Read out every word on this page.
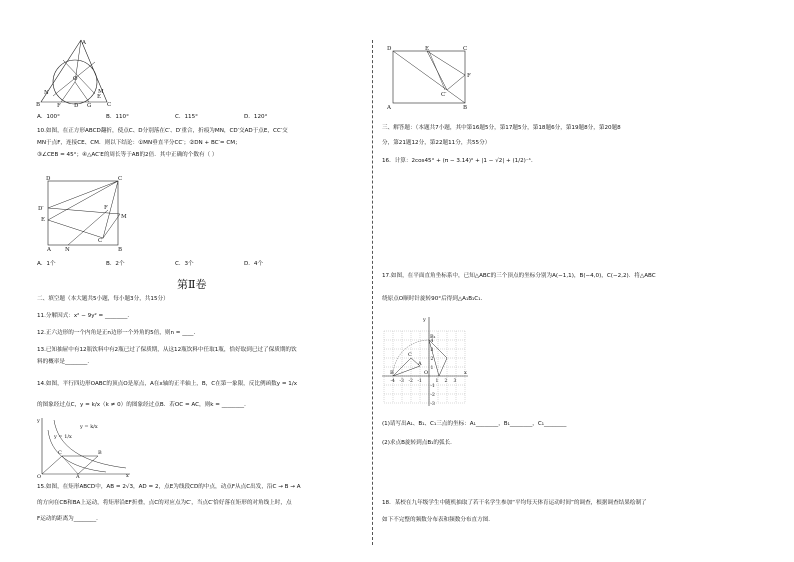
A
O
N
B	F D G	C
M
E
A．100°	B．110°	C．115°	D．120°
10.如图，在正方形ABCD翻折，使点C、D分别落在C′、D′重合，折痕为MN，CD′交AD于点E，CC′交
MN于点F，连接CE、CM．则以下结论：①MN垂直平分CC′；②DN + BC′= CM；
③∠CEB = 45°；④△AC′E的周长等于AB的2倍．其中正确的个数有（ ）
D	C
D′
E
F
M
C′
A	B
N
A．1个	B．2个	C．3个	D．4个
第Ⅱ卷
二、填空题（本大题共5小题，每小题3分，共15分）
11.分解因式：x² − 9y² = ________．
12.正六边形的一个内角是正n边形一个外角的5倍，则n = ____．
13.已知抽屉中有12瓶饮料中有2瓶已过了保质期，从这12瓶饮料中任取1瓶，恰好取到已过了保质期的饮
料的概率是________．
14.如图，平行四边形OABC的顶点O是原点，A在x轴的正半轴上，B，C在第一象限，反比例函数y = 1/x
的图象经过点C，y = k/x（k ≠ 0）的图象经过点B．若OC = AC，则k = ________．
y
y = k/x
y = 1/x
C	B
O	A	x
15.如图，在矩形ABCD中，AB = 2√3，AD = 2，点E为线段CD的中点，动点F从点C出发，沿C → B → A
的方向在CB和BA上运动，将矩形沿EF折叠，点C的对应点为C′，当点C′恰好落在矩形的对角线上时，点
F运动的距离为________．
D	E	C
F
C′
A	B
三、解答题：（本题共7小题，其中第16题5分，第17题5分，第18题6分，第19题8分，第20题8
分，第21题12分，第22题11分，共55分）
16．计算：2cos45° + (π − 3.14)⁰ + |1 − √2| + (1/2)⁻¹．
17.如图，在平面直角坐标系中，已知△ABC的三个顶点的坐标分别为A(−1,1)，B(−4,0)，C(−2,2)．将△ABC
绕原点O顺时针旋转90°后得到△A₁B₁C₁．
y
x
O
A
B
C
B₁
-4 -3 -2 -1	1 2 3
4
3
2
1
-1
-2
-3
(1)请写出A₁、B₁、C₁三点的坐标：A₁________，B₁________，C₁________
(2)求点B旋转到点B₁的弧长．
18．某校在九年级学生中随机抽取了若干名学生参加“平均每天体育运动时间”的调查，根据调查结果绘制了
如下不完整的频数分布表和频数分布直方图．
